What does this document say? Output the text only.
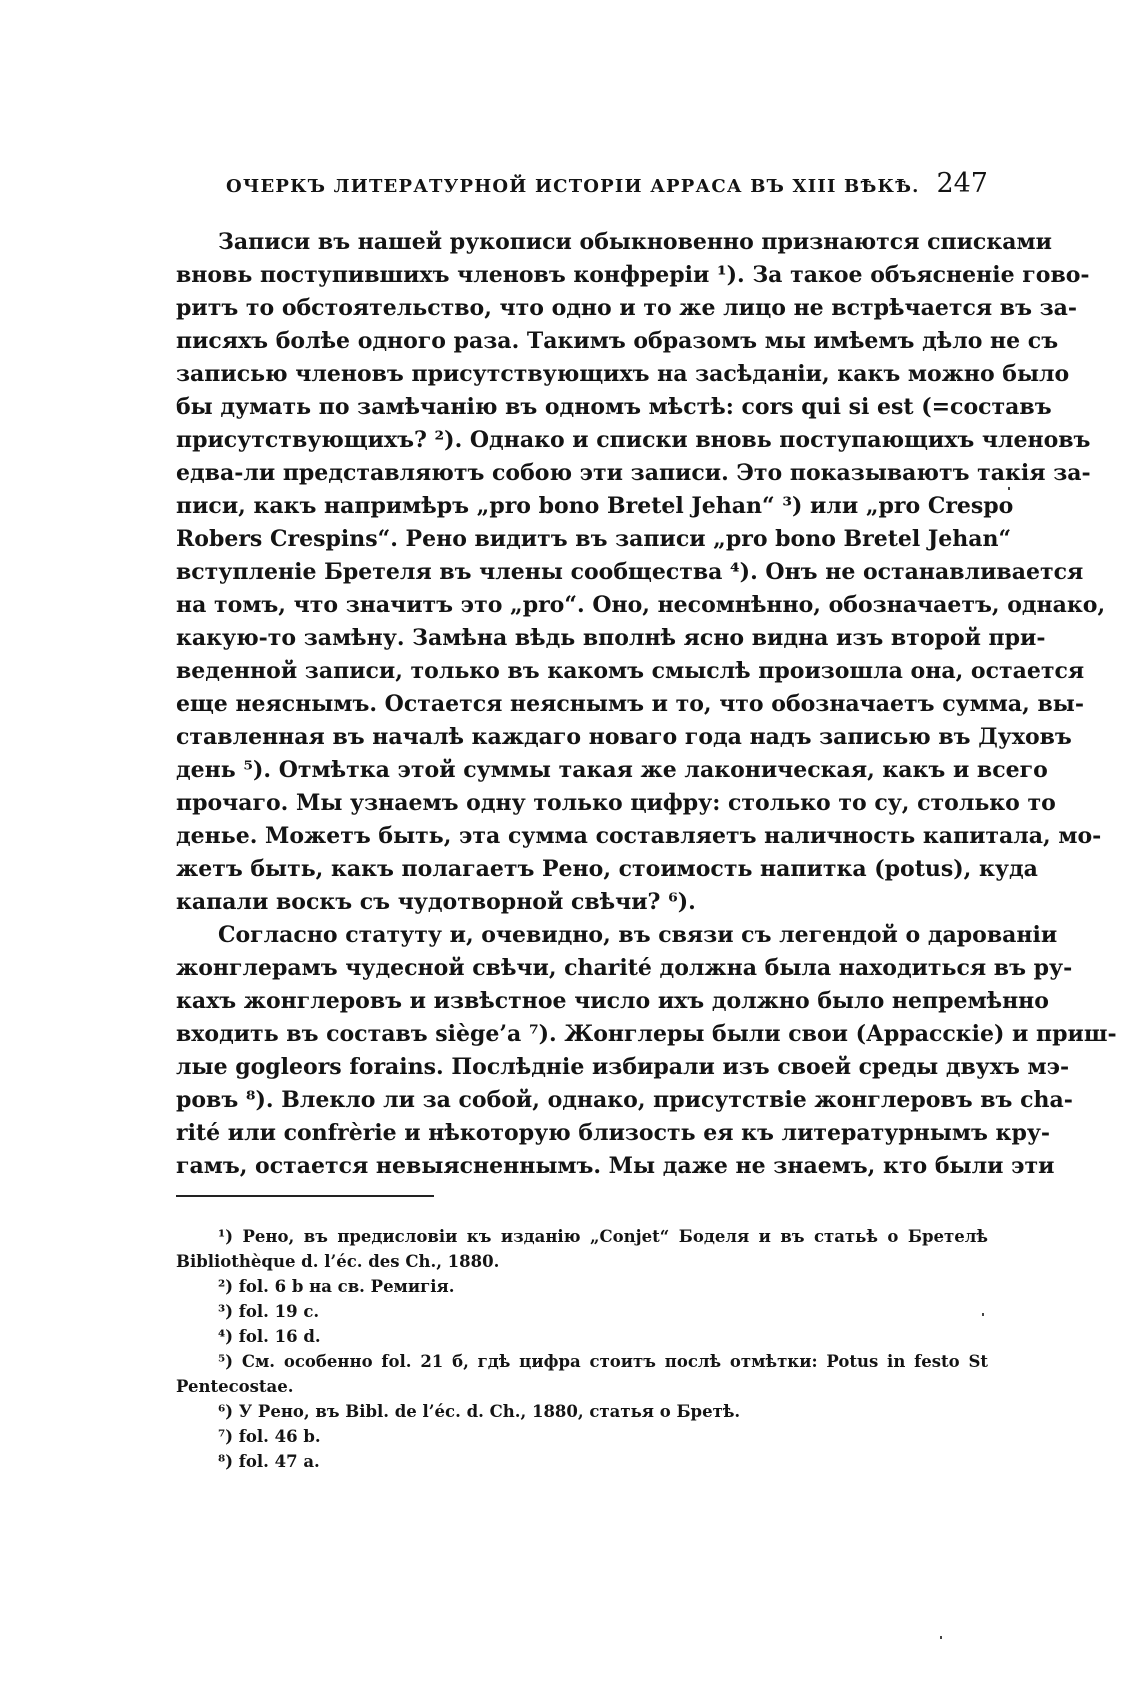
ОЧЕРКЪ ЛИТЕРАТУРНОЙ ИСТОРІИ АРРАСА ВЪ XIII ВѢКѢ. 247
Записи въ нашей рукописи обыкновенно признаются списками
вновь поступившихъ членовъ конфреріи ¹). За такое объясненіе гово-
ритъ то обстоятельство, что одно и то же лицо не встрѣчается въ за-
писяхъ болѣе одного раза. Такимъ образомъ мы имѣемъ дѣло не съ
записью членовъ присутствующихъ на засѣданіи, какъ можно было
бы думать по замѣчанію въ одномъ мѣстѣ: cors qui si est (=составъ
присутствующихъ? ²). Однако и списки вновь поступающихъ членовъ
едва-ли представляютъ собою эти записи. Это показываютъ такія за-
писи, какъ напримѣръ „pro bono Bretel Jehan“ ³) или „pro Crespo
Robers Crespins“. Рено видитъ въ записи „pro bono Bretel Jehan“
вступленіе Бретеля въ члены сообщества ⁴). Онъ не останавливается
на томъ, что значитъ это „pro“. Оно, несомнѣнно, обозначаетъ, однако,
какую-то замѣну. Замѣна вѣдь вполнѣ ясно видна изъ второй при-
веденной записи, только въ какомъ смыслѣ произошла она, остается
еще неяснымъ. Остается неяснымъ и то, что обозначаетъ сумма, вы-
ставленная въ началѣ каждаго новаго года надъ записью въ Духовъ
день ⁵). Отмѣтка этой суммы такая же лаконическая, какъ и всего
прочаго. Мы узнаемъ одну только цифру: столько то су, столько то
деньe. Можетъ быть, эта сумма составляетъ наличность капитала, мо-
жетъ быть, какъ полагаетъ Рено, стоимость напитка (potus), куда
капали воскъ съ чудотворной свѣчи? ⁶).
Согласно статуту и, очевидно, въ связи съ легендой о дарованіи
жонглерамъ чудесной свѣчи, charité должна была находиться въ ру-
кахъ жонглеровъ и извѣстное число ихъ должно было непремѣнно
входить въ составъ siège’a ⁷). Жонглеры были свои (Аррасскіе) и приш-
лые gogleors forains. Послѣдніе избирали изъ своей среды двухъ мэ-
ровъ ⁸). Влекло ли за собой, однако, присутствіе жонглеровъ въ cha-
rité или confrèrie и нѣкоторую близость ея къ литературнымъ кру-
гамъ, остается невыясненнымъ. Мы даже не знаемъ, кто были эти
¹) Рено, въ предисловіи къ изданію „Conjet“ Боделя и въ статьѣ о Бретелѣ
Bibliothèque d. l’éc. des Ch., 1880.
²) fol. 6 b на св. Ремигія.
³) fol. 19 c.
⁴) fol. 16 d.
⁵) См. особенно fol. 21 б, гдѣ цифра стоитъ послѣ отмѣтки: Potus in festo St
Pentecostae.
⁶) У Рено, въ Bibl. de l’éc. d. Ch., 1880, статья о Бретѣ.
⁷) fol. 46 b.
⁸) fol. 47 a.
